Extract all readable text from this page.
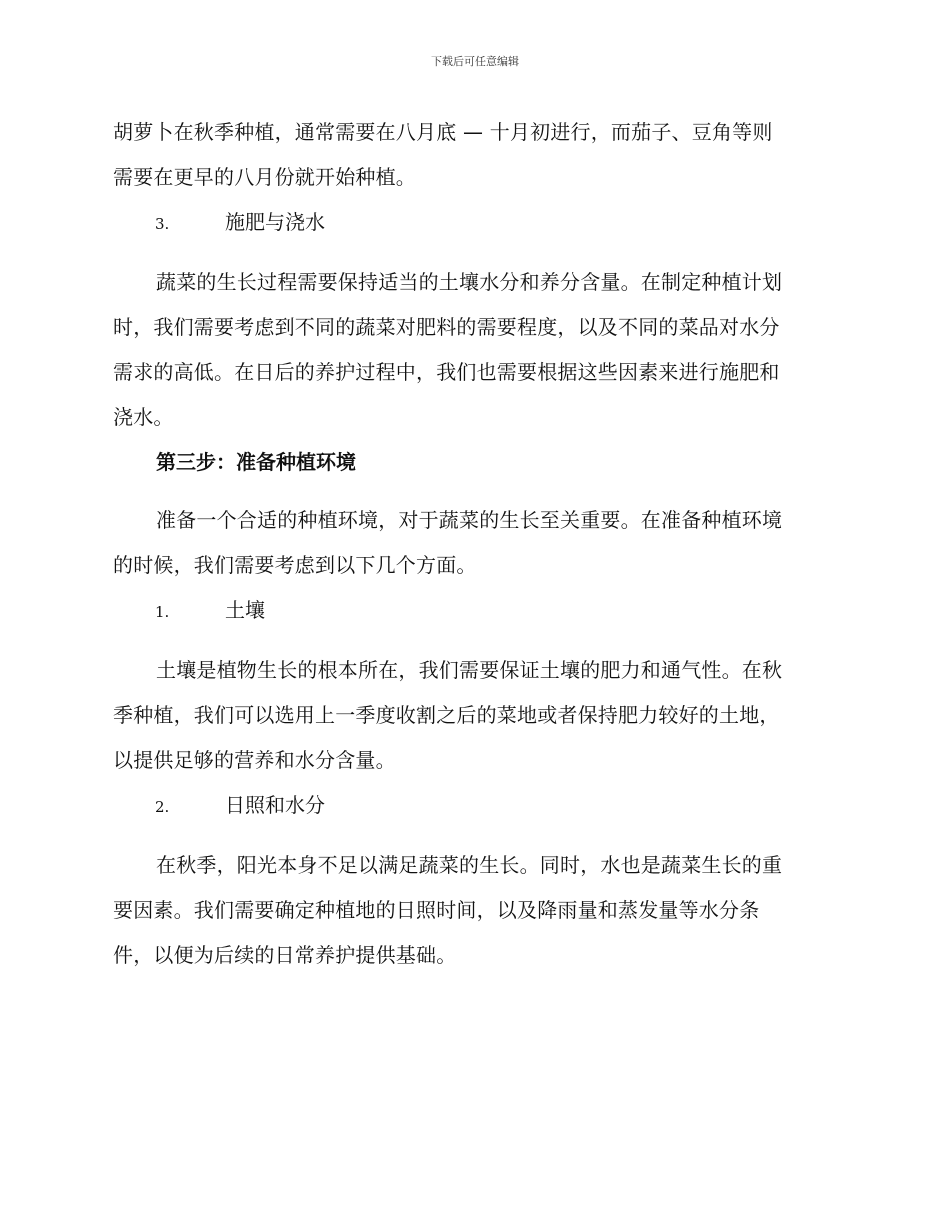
下载后可任意编辑

胡萝卜在秋季种植，通常需要在八月底 — 十月初进行，而茄子、豆角等则

需要在更早的八月份就开始种植。

3.	施肥与浇水

蔬菜的生长过程需要保持适当的土壤水分和养分含量。在制定种植计划

时，我们需要考虑到不同的蔬菜对肥料的需要程度，以及不同的菜品对水分

需求的高低。在日后的养护过程中，我们也需要根据这些因素来进行施肥和

浇水。

第三步：准备种植环境

准备一个合适的种植环境，对于蔬菜的生长至关重要。在准备种植环境

的时候，我们需要考虑到以下几个方面。

1.	土壤

土壤是植物生长的根本所在，我们需要保证土壤的肥力和通气性。在秋

季种植，我们可以选用上一季度收割之后的菜地或者保持肥力较好的土地，

以提供足够的营养和水分含量。

2.	日照和水分

在秋季，阳光本身不足以满足蔬菜的生长。同时，水也是蔬菜生长的重

要因素。我们需要确定种植地的日照时间，以及降雨量和蒸发量等水分条

件，以便为后续的日常养护提供基础。
